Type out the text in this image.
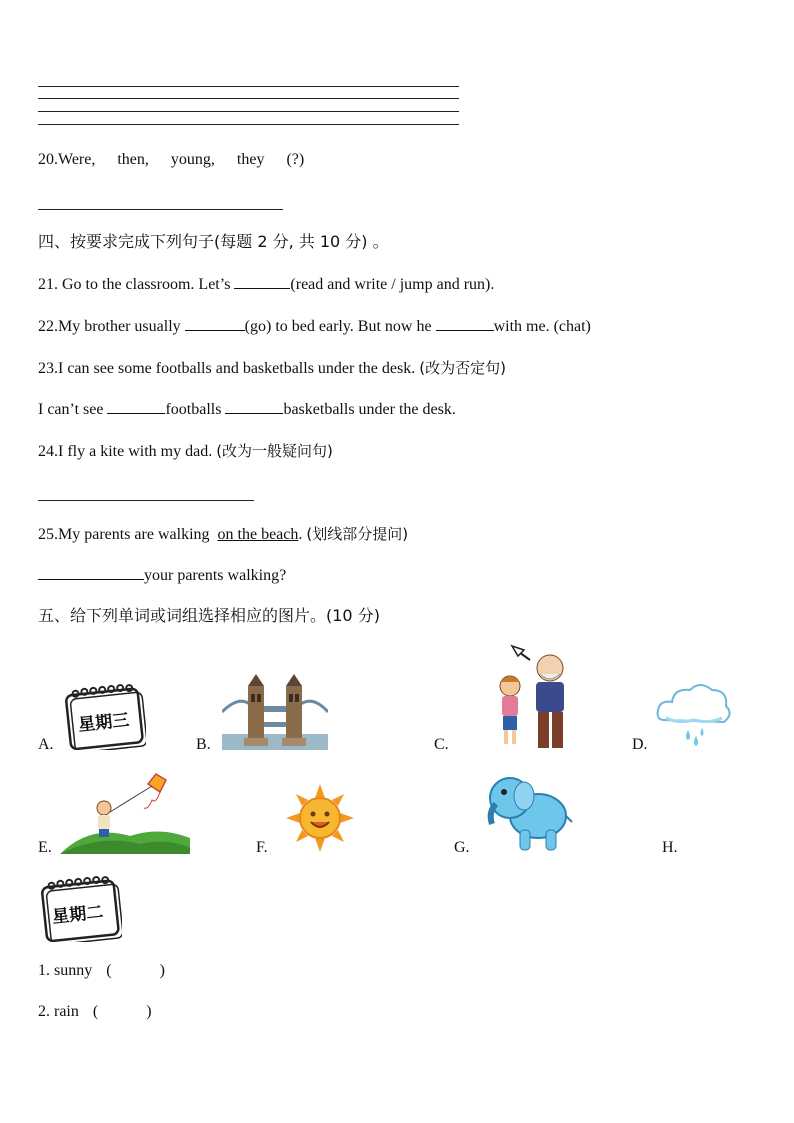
20.Were, then, young, they (?)
四、按要求完成下列句子(每题 2 分, 共 10 分) 。
21. Go to the classroom. Let’s	(read and write / jump and run).
22.My brother usually	(go) to bed early. But now he	with me. (chat)
23.I can see some footballs and basketballs under the desk. (改为否定句)
I can’t see	footballs	basketballs under the desk.
24.I fly a kite with my dad. (改为一般疑问句)
25.My parents are walking on the beach. (划线部分提问)
your parents walking?
五、给下列单词或词组选择相应的图片。(10 分)
A.	B.	C.	D.
星期三
E.	F.	G.	H.
星期二
1. sunny (	)
2. rain (	)
